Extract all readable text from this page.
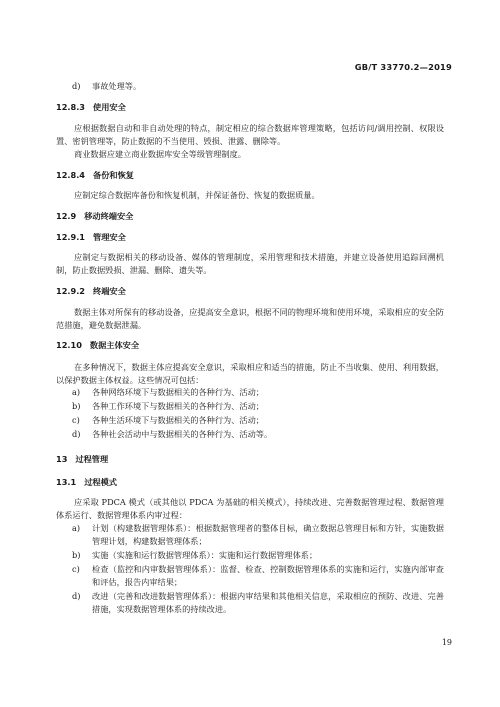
GB/T 33770.2—2019
d)	事故处理等。
12.8.3 使用安全
应根据数据自动和非自动处理的特点，制定相应的综合数据库管理策略，包括访问/调用控制、权限设置、密钥管理等，防止数据的不当使用、毁损、泄露、删除等。
商业数据应建立商业数据库安全等级管理制度。
12.8.4 备份和恢复
应制定综合数据库备份和恢复机制，并保证备份、恢复的数据质量。
12.9 移动终端安全
12.9.1 管理安全
应制定与数据相关的移动设备、媒体的管理制度，采用管理和技术措施，并建立设备使用追踪回溯机制，防止数据毁损、泄漏、删除、遗失等。
12.9.2 终端安全
数据主体对所保有的移动设备，应提高安全意识，根据不同的物理环境和使用环境，采取相应的安全防范措施，避免数据泄漏。
12.10 数据主体安全
在多种情况下，数据主体应提高安全意识，采取相应和适当的措施，防止不当收集、使用、利用数据，以保护数据主体权益。这些情况可包括：
a)	各种网络环境下与数据相关的各种行为、活动；
b)	各种工作环境下与数据相关的各种行为、活动；
c)	各种生活环境下与数据相关的各种行为、活动；
d)	各种社会活动中与数据相关的各种行为、活动等。
13 过程管理
13.1 过程模式
应采取 PDCA 模式（或其他以 PDCA 为基础的相关模式），持续改进、完善数据管理过程、数据管理体系运行、数据管理体系内审过程：
a)	计划（构建数据管理体系）：根据数据管理者的整体目标，确立数据总管理目标和方针，实施数据管理计划，构建数据管理体系；
b)	实施（实施和运行数据管理体系）：实施和运行数据管理体系；
c)	检查（监控和内审数据管理体系）：监督、检查、控制数据管理体系的实施和运行，实施内部审查和评估，报告内审结果；
d)	改进（完善和改进数据管理体系）：根据内审结果和其他相关信息，采取相应的预防、改进、完善措施，实现数据管理体系的持续改进。
19
